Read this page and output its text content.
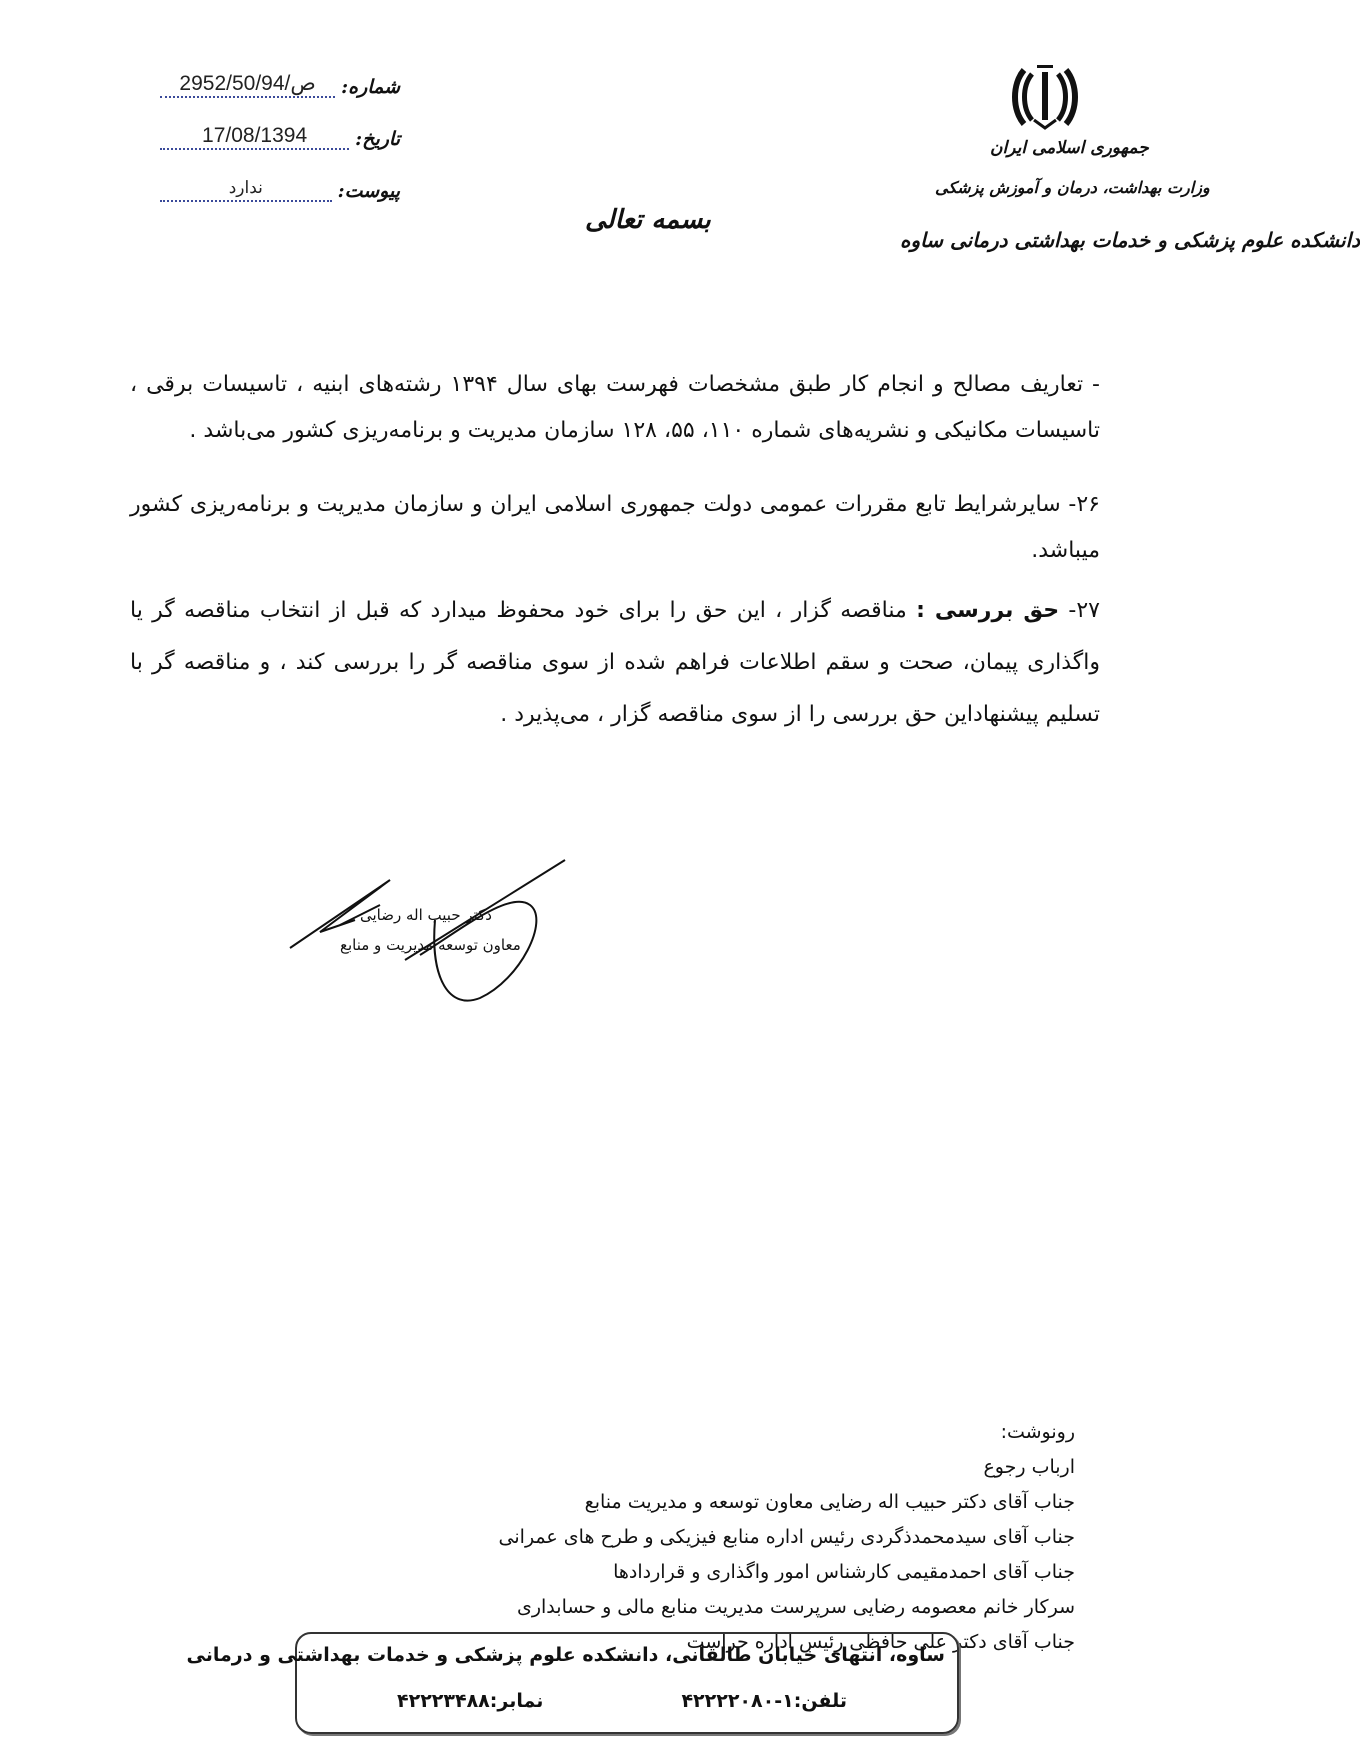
شماره:
2952/50/ص/94
تاریخ:
17/08/1394
پیوست:
ندارد
جمهوری اسلامی ایران
وزارت بهداشت، درمان و آموزش پزشکی
دانشکده علوم پزشکی و خدمات بهداشتی درمانی ساوه
بسمه تعالی
- تعاریف مصالح و انجام کار طبق مشخصات فهرست بهای سال ۱۳۹۴ رشته‌های ابنیه ، تاسیسات برقی ، تاسیسات مکانیکی و نشریه‌های شماره ۱۱۰، ۵۵، ۱۲۸ سازمان مدیریت و برنامه‌ریزی کشور می‌باشد .
۲۶- سایرشرایط تابع مقررات عمومی دولت جمهوری اسلامی ایران و سازمان مدیریت و برنامه‌ریزی کشور میباشد.
۲۷- حق بررسی : مناقصه گزار ، این حق را برای خود محفوظ میدارد که قبل از انتخاب مناقصه گر یا واگذاری پیمان، صحت و سقم اطلاعات فراهم شده از سوی مناقصه گر را بررسی کند ، و مناقصه گر با تسلیم پیشنهاداین حق بررسی را از سوی مناقصه گزار ، می‌پذیرد .
دکتر حبیب اله رضایی
معاون توسعه مدیریت و منابع
رونوشت:
ارباب رجوع
جناب آقای دکتر حبیب اله رضایی معاون توسعه و مدیریت منابع
جناب آقای سیدمحمدذگردی رئیس اداره منابع فیزیکی و طرح های عمرانی
جناب آقای احمدمقیمی کارشناس امور واگذاری و قراردادها
سرکار خانم معصومه رضایی سرپرست مدیریت منابع مالی و حسابداری
جناب آقای دکتر علی حافظی رئیس اداره حراست
ساوه، انتهای خیابان طالقانی، دانشکده علوم پزشکی و خدمات بهداشتی و درمانی
تلفن:۱-۴۲۲۲۲۰۸۰
نمابر:۴۲۲۲۳۴۸۸
